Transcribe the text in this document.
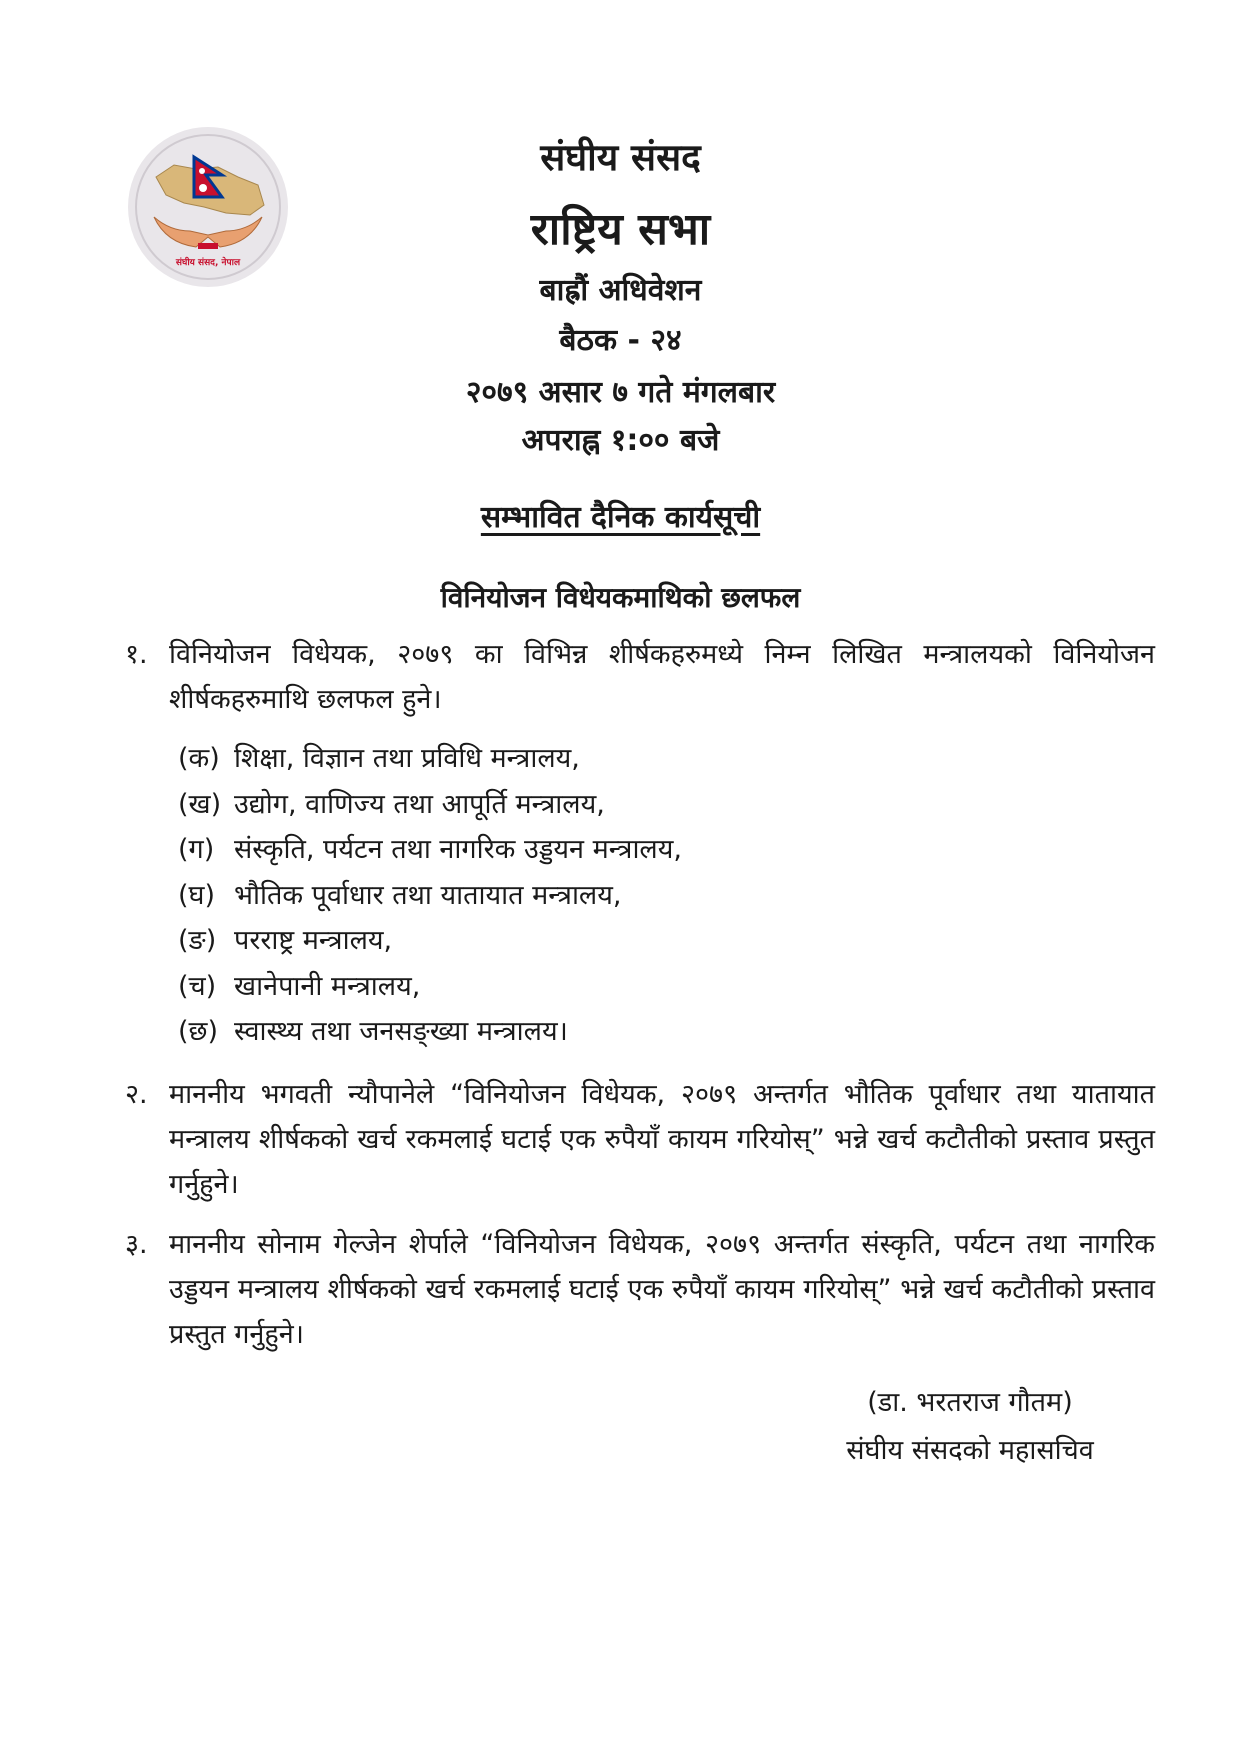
संघीय संसद, नेपाल
संघीय संसद
राष्ट्रिय सभा
बाह्रौं अधिवेशन
बैठक - २४
२०७९ असार ७ गते मंगलबार
अपराह्न १:०० बजे
सम्भावित दैनिक कार्यसूची
विनियोजन विधेयकमाथिको छलफल
१. विनियोजन विधेयक, २०७९ का विभिन्न शीर्षकहरुमध्ये निम्न लिखित मन्त्रालयको विनियोजन शीर्षकहरुमाथि छलफल हुने।
(क) शिक्षा, विज्ञान तथा प्रविधि मन्त्रालय,
(ख) उद्योग, वाणिज्य तथा आपूर्ति मन्त्रालय,
(ग) संस्कृति, पर्यटन तथा नागरिक उड्डयन मन्त्रालय,
(घ) भौतिक पूर्वाधार तथा यातायात मन्त्रालय,
(ङ) परराष्ट्र मन्त्रालय,
(च) खानेपानी मन्त्रालय,
(छ) स्वास्थ्य तथा जनसङ्ख्या मन्त्रालय।
२. माननीय भगवती न्यौपानेले “विनियोजन विधेयक, २०७९ अन्तर्गत भौतिक पूर्वाधार तथा यातायात मन्त्रालय शीर्षकको खर्च रकमलाई घटाई एक रुपैयाँ कायम गरियोस्” भन्ने खर्च कटौतीको प्रस्ताव प्रस्तुत गर्नुहुने।
३. माननीय सोनाम गेल्जेन शेर्पाले “विनियोजन विधेयक, २०७९ अन्तर्गत संस्कृति, पर्यटन तथा नागरिक उड्डयन मन्त्रालय शीर्षकको खर्च रकमलाई घटाई एक रुपैयाँ कायम गरियोस्” भन्ने खर्च कटौतीको प्रस्ताव प्रस्तुत गर्नुहुने।
(डा. भरतराज गौतम)
संघीय संसदको महासचिव
